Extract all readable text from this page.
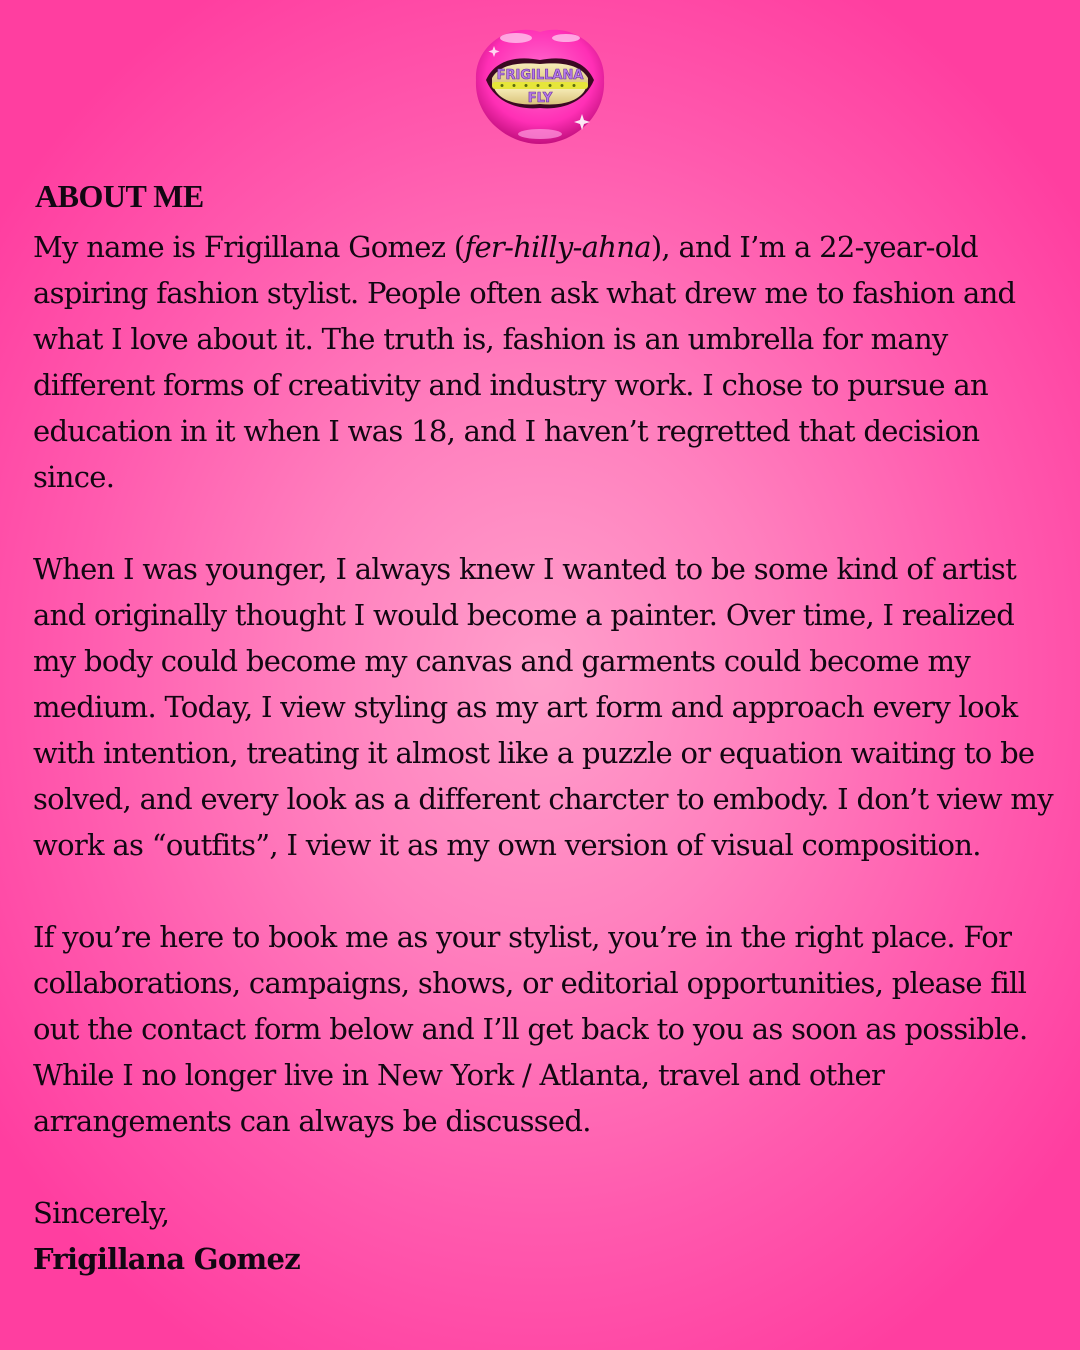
FRIGILLANA
FLY
ABOUT ME

My name is Frigillana Gomez (fer-hilly-ahna), and I’m a 22-year-old aspiring fashion stylist. People often ask what drew me to fashion and what I love about it. The truth is, fashion is an umbrella for many different forms of creativity and industry work. I chose to pursue an education in it when I was 18, and I haven’t regretted that decision since.

When I was younger, I always knew I wanted to be some kind of artist and originally thought I would become a painter. Over time, I realized my body could become my canvas and garments could become my medium. Today, I view styling as my art form and approach every look with intention, treating it almost like a puzzle or equation waiting to be solved, and every look as a different charcter to embody. I don’t view my work as “outfits”, I view it as my own version of visual composition.

If you’re here to book me as your stylist, you’re in the right place. For collaborations, campaigns, shows, or editorial opportunities, please fill out the contact form below and I’ll get back to you as soon as possible. While I no longer live in New York / Atlanta, travel and other arrangements can always be discussed.

Sincerely,

Frigillana Gomez
